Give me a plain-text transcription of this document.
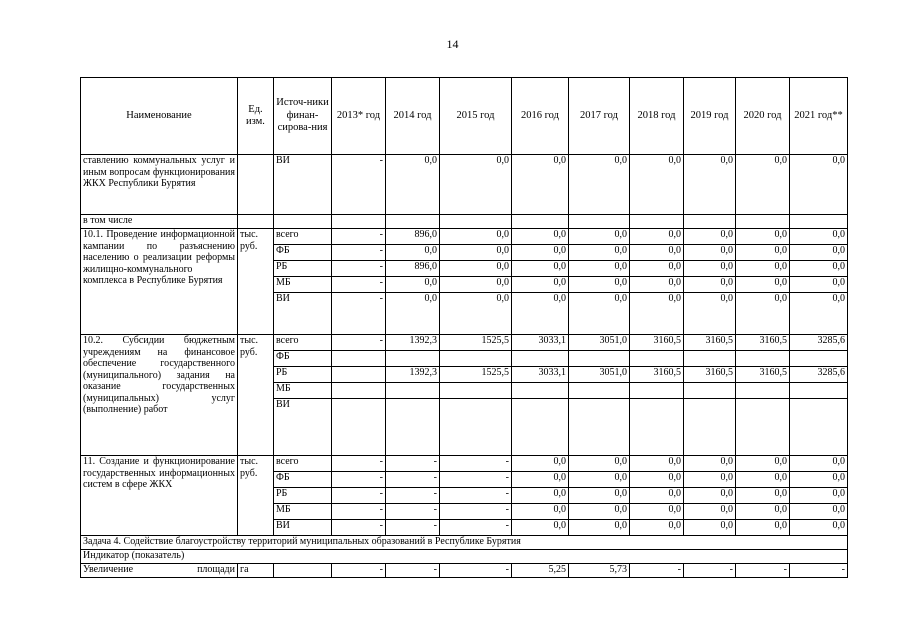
14
Наименование	Ед. изм.	Источ-ники финан-сирова-ния	2013* год	2014 год	2015 год	2016 год	2017 год	2018 год	2019 год	2020 год	2021 год**
ставлению коммунальных услуг и иным вопросам функционирования ЖКХ Республики Бурятия		ВИ	-	0,0	0,0	0,0	0,0	0,0	0,0	0,0	0,0
в том числе											
10.1. Проведение информационной кампании по разъяснению населению о реализации реформы жилищно-коммунального комплекса в Республике Бурятия	тыс. руб.	всего	-	896,0	0,0	0,0	0,0	0,0	0,0	0,0	0,0
		ФБ	-	0,0	0,0	0,0	0,0	0,0	0,0	0,0	0,0
		РБ	-	896,0	0,0	0,0	0,0	0,0	0,0	0,0	0,0
		МБ	-	0,0	0,0	0,0	0,0	0,0	0,0	0,0	0,0
		ВИ	-	0,0	0,0	0,0	0,0	0,0	0,0	0,0	0,0
10.2. Субсидии бюджетным учреждениям на финансовое обеспечение государственного (муниципального) задания на оказание государственных (муниципальных) услуг (выполнение) работ	тыс. руб.	всего	-	1392,3	1525,5	3033,1	3051,0	3160,5	3160,5	3160,5	3285,6
		ФБ									
		РБ		1392,3	1525,5	3033,1	3051,0	3160,5	3160,5	3160,5	3285,6
		МБ									
		ВИ									
11. Создание и функционирование государственных информационных систем в сфере ЖКХ	тыс. руб.	всего	-	-	-	0,0	0,0	0,0	0,0	0,0	0,0
		ФБ	-	-	-	0,0	0,0	0,0	0,0	0,0	0,0
		РБ	-	-	-	0,0	0,0	0,0	0,0	0,0	0,0
		МБ	-	-	-	0,0	0,0	0,0	0,0	0,0	0,0
		ВИ	-	-	-	0,0	0,0	0,0	0,0	0,0	0,0
Задача 4. Содействие благоустройству территорий муниципальных образований в Республике Бурятия											
Индикатор (показатель)											
Увеличение площади	га		-	-	-	5,25	5,73	-	-	-	-
